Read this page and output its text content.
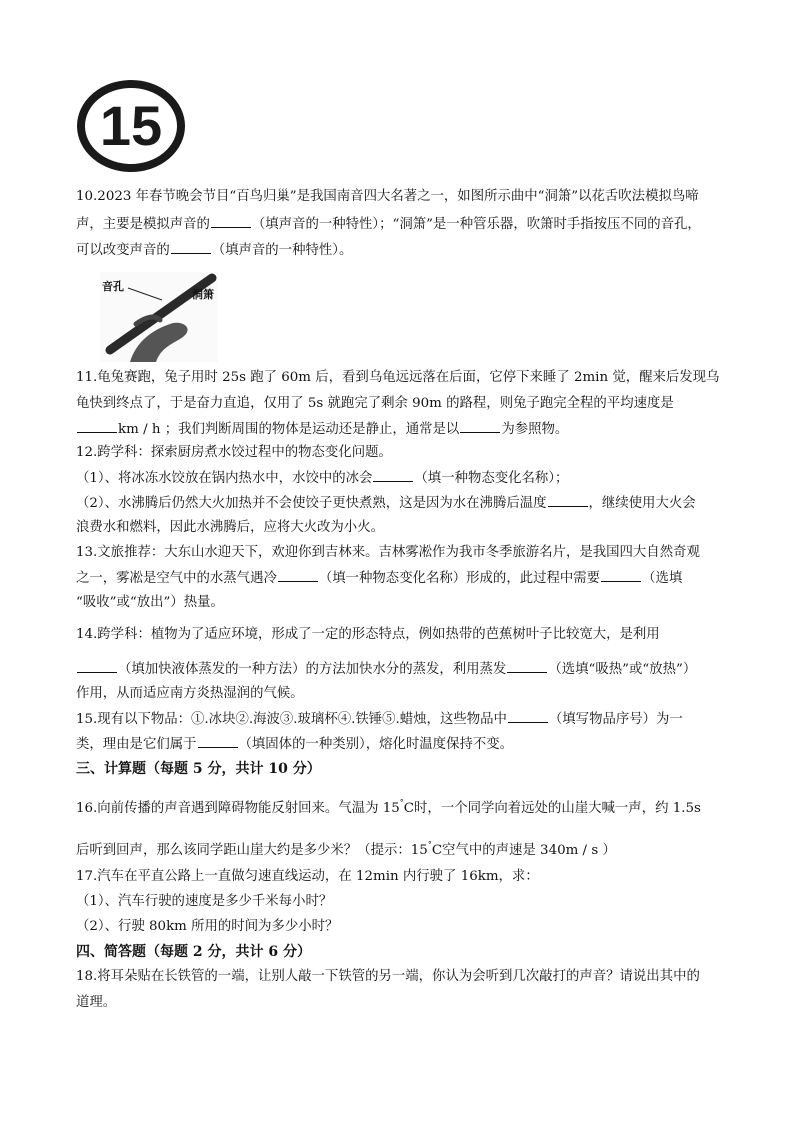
15
10.2023 年春节晚会节目“百鸟归巢”是我国南音四大名著之一，如图所示曲中“洞箫”以花舌吹法模拟鸟啼
声，主要是模拟声音的	（填声音的一种特性）；“洞箫”是一种管乐器，吹箫时手指按压不同的音孔，
可以改变声音的	（填声音的一种特性）。
音孔
洞箫
11.龟兔赛跑，兔子用时 25s 跑了 60m 后，看到乌龟远远落在后面，它停下来睡了 2min 觉，醒来后发现乌
龟快到终点了，于是奋力直追，仅用了 5s 就跑完了剩余 90m 的路程，则兔子跑完全程的平均速度是
km / h ；我们判断周围的物体是运动还是静止，通常是以	为参照物。
12.跨学科：探索厨房煮水饺过程中的物态变化问题。
（1）、将冰冻水饺放在锅内热水中，水饺中的冰会	（填一种物态变化名称）；
（2）、水沸腾后仍然大火加热并不会使饺子更快煮熟，这是因为水在沸腾后温度	，继续使用大火会
浪费水和燃料，因此水沸腾后，应将大火改为小火。
13.文旅推荐：大东山水迎天下，欢迎你到吉林来。吉林雾凇作为我市冬季旅游名片，是我国四大自然奇观
之一，雾凇是空气中的水蒸气遇冷	（填一种物态变化名称）形成的，此过程中需要	（选填
“吸收”或“放出”）热量。
14.跨学科：植物为了适应环境，形成了一定的形态特点，例如热带的芭蕉树叶子比较宽大，是利用
（填加快液体蒸发的一种方法）的方法加快水分的蒸发，利用蒸发	（选填“吸热”或“放热”）
作用，从而适应南方炎热湿润的气候。
15.现有以下物品：①.冰块②.海波③.玻璃杯④.铁锤⑤.蜡烛，这些物品中	（填写物品序号）为一
类，理由是它们属于	（填固体的一种类别），熔化时温度保持不变。
三、计算题（每题 5 分，共计 10 分）
16.向前传播的声音遇到障碍物能反射回来。气温为 15°C时，一个同学向着远处的山崖大喊一声，约 1.5s
后听到回声，那么该同学距山崖大约是多少米？（提示：15°C空气中的声速是 340m / s ）
17.汽车在平直公路上一直做匀速直线运动，在 12min 内行驶了 16km，求：
（1）、汽车行驶的速度是多少千米每小时？
（2）、行驶 80km 所用的时间为多少小时？
四、简答题（每题 2 分，共计 6 分）
18.将耳朵贴在长铁管的一端，让别人敲一下铁管的另一端，你认为会听到几次敲打的声音？请说出其中的
道理。
